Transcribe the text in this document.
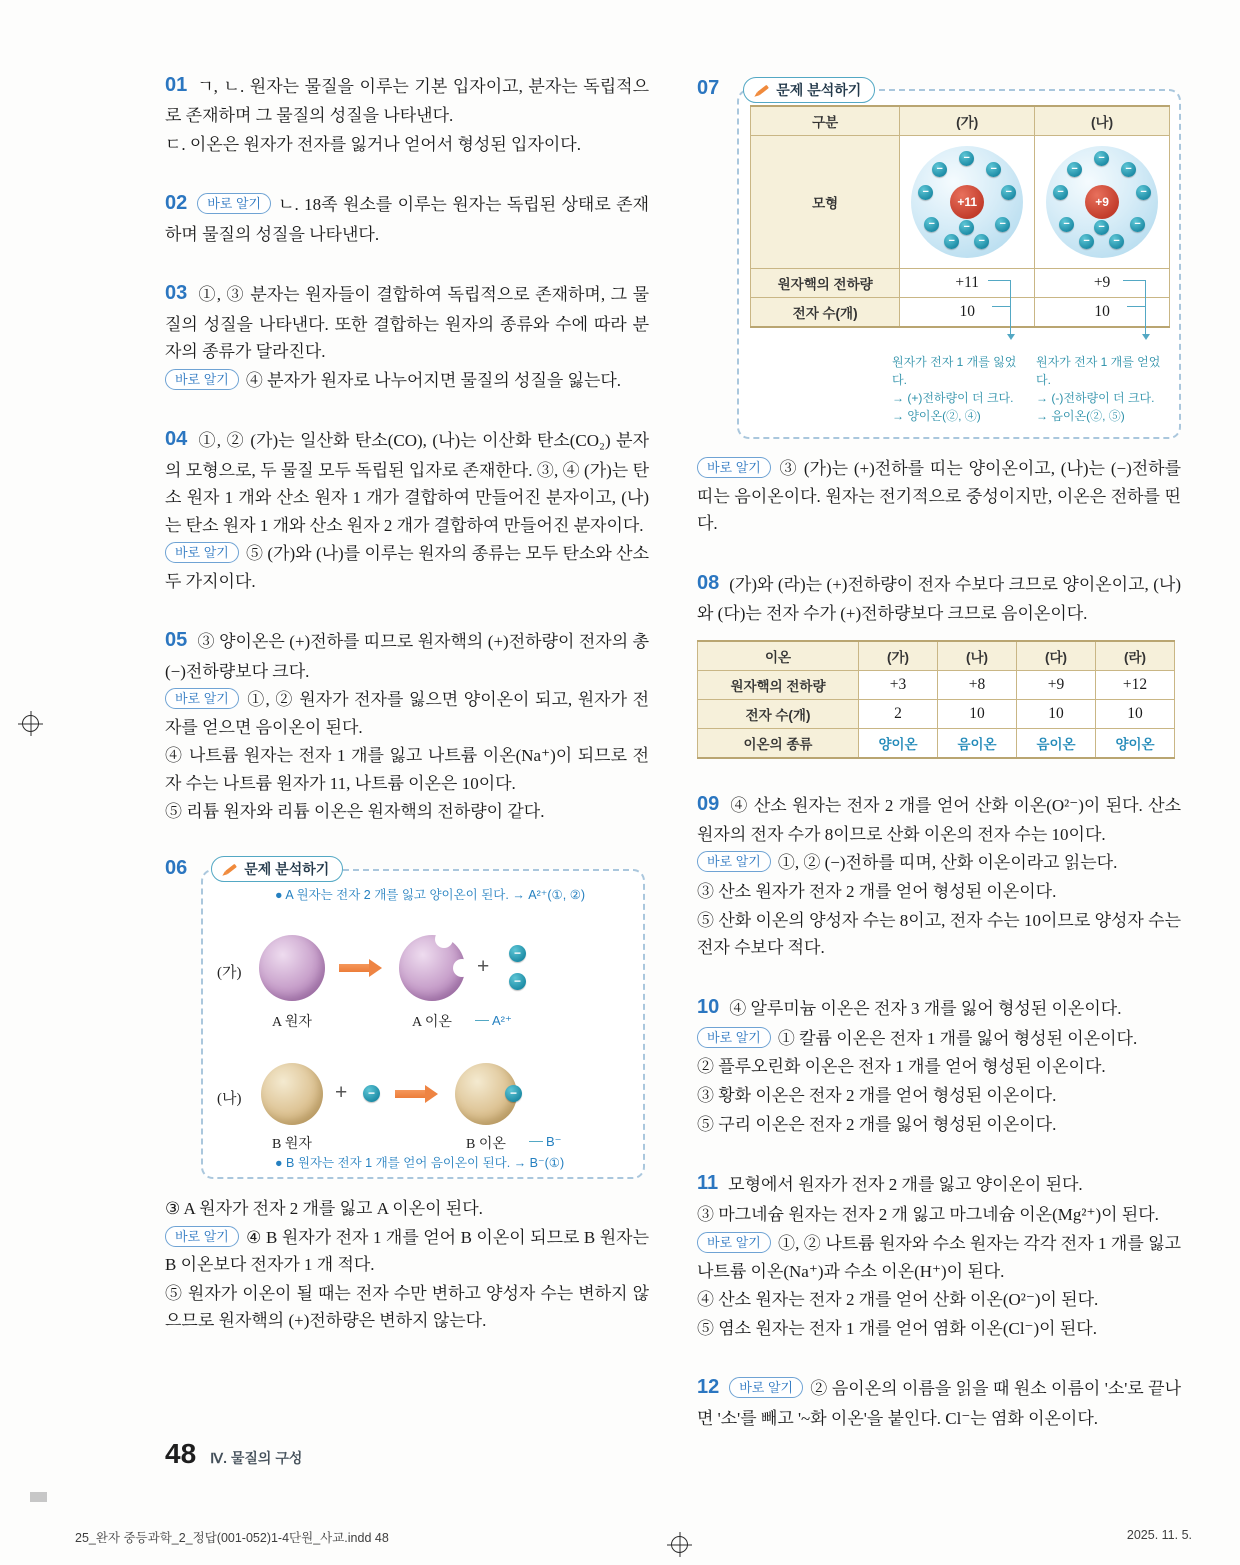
01 ㄱ, ㄴ. 원자는 물질을 이루는 기본 입자이고, 분자는 독립적으로 존재하며 그 물질의 성질을 나타낸다.

ㄷ. 이온은 원자가 전자를 잃거나 얻어서 형성된 입자이다.

02 바로 알기 ㄴ. 18족 원소를 이루는 원자는 독립된 상태로 존재하며 물질의 성질을 나타낸다.

03 ①, ③ 분자는 원자들이 결합하여 독립적으로 존재하며, 그 물질의 성질을 나타낸다. 또한 결합하는 원자의 종류와 수에 따라 분자의 종류가 달라진다.

바로 알기 ④ 분자가 원자로 나누어지면 물질의 성질을 잃는다.

04 ①, ② (가)는 일산화 탄소(CO), (나)는 이산화 탄소(CO₂) 분자의 모형으로, 두 물질 모두 독립된 입자로 존재한다. ③, ④ (가)는 탄소 원자 1 개와 산소 원자 1 개가 결합하여 만들어진 분자이고, (나)는 탄소 원자 1 개와 산소 원자 2 개가 결합하여 만들어진 분자이다.

바로 알기 ⑤ (가)와 (나)를 이루는 원자의 종류는 모두 탄소와 산소 두 가지이다.

05 ③ 양이온은 (+)전하를 띠므로 원자핵의 (+)전하량이 전자의 총 (−)전하량보다 크다.

바로 알기 ①, ② 원자가 전자를 잃으면 양이온이 되고, 원자가 전자를 얻으면 음이온이 된다.

④ 나트륨 원자는 전자 1 개를 잃고 나트륨 이온(Na⁺)이 되므로 전자 수는 나트륨 원자가 11, 나트륨 이온은 10이다.

⑤ 리튬 원자와 리튬 이온은 원자핵의 전하량이 같다.

06	문제 분석하기
● A 원자는 전자 2 개를 잃고 양이온이 된다. → A²⁺(①, ②)
(가)	+
−
−
A 원자	A 이온	A²⁺
(나)	+	−	−
B 원자	B 이온	B⁻
● B 원자는 전자 1 개를 얻어 음이온이 된다. → B⁻(①)

③ A 원자가 전자 2 개를 잃고 A 이온이 된다.

바로 알기 ④ B 원자가 전자 1 개를 얻어 B 이온이 되므로 B 원자는 B 이온보다 전자가 1 개 적다.

⑤ 원자가 이온이 될 때는 전자 수만 변하고 양성자 수는 변하지 않으므로 원자핵의 (+)전하량은 변하지 않는다.

07	문제 분석하기
구분	(가)	(나)
모형	
−
−	−
−	−
−	−
−	−
−
+11

−
−	−
−	−
−	−
−	−
−
+9

원자핵의 전하량	+11	+9
전자 수(개)	10	10
원자가 전자 1 개를 잃었다.
→ (+)전하량이 더 크다.
→ 양이온(②, ④)
원자가 전자 1 개를 얻었다.
→ (-)전하량이 더 크다.
→ 음이온(②, ⑤)

바로 알기 ③ (가)는 (+)전하를 띠는 양이온이고, (나)는 (−)전하를 띠는 음이온이다. 원자는 전기적으로 중성이지만, 이온은 전하를 띤다.

08 (가)와 (라)는 (+)전하량이 전자 수보다 크므로 양이온이고, (나)와 (다)는 전자 수가 (+)전하량보다 크므로 음이온이다.

이온	(가)	(나)	(다)	(라)
원자핵의 전하량	+3	+8	+9	+12
전자 수(개)	2	10	10	10
이온의 종류	양이온	음이온	음이온	양이온

09 ④ 산소 원자는 전자 2 개를 얻어 산화 이온(O²⁻)이 된다. 산소 원자의 전자 수가 8이므로 산화 이온의 전자 수는 10이다.

바로 알기 ①, ② (−)전하를 띠며, 산화 이온이라고 읽는다.

③ 산소 원자가 전자 2 개를 얻어 형성된 이온이다.

⑤ 산화 이온의 양성자 수는 8이고, 전자 수는 10이므로 양성자 수는 전자 수보다 적다.

10 ④ 알루미늄 이온은 전자 3 개를 잃어 형성된 이온이다.

바로 알기 ① 칼륨 이온은 전자 1 개를 잃어 형성된 이온이다.

② 플루오린화 이온은 전자 1 개를 얻어 형성된 이온이다.

③ 황화 이온은 전자 2 개를 얻어 형성된 이온이다.

⑤ 구리 이온은 전자 2 개를 잃어 형성된 이온이다.

11 모형에서 원자가 전자 2 개를 잃고 양이온이 된다.

③ 마그네슘 원자는 전자 2 개 잃고 마그네슘 이온(Mg²⁺)이 된다.

바로 알기 ①, ② 나트륨 원자와 수소 원자는 각각 전자 1 개를 잃고 나트륨 이온(Na⁺)과 수소 이온(H⁺)이 된다.

④ 산소 원자는 전자 2 개를 얻어 산화 이온(O²⁻)이 된다.

⑤ 염소 원자는 전자 1 개를 얻어 염화 이온(Cl⁻)이 된다.

12 바로 알기 ② 음이온의 이름을 읽을 때 원소 이름이 '소'로 끝나면 '소'를 빼고 '~화 이온'을 붙인다. Cl⁻는 염화 이온이다.

48 Ⅳ. 물질의 구성
25_완자 중등과학_2_정답(001-052)1-4단원_사교.indd 48	2025. 11. 5.
